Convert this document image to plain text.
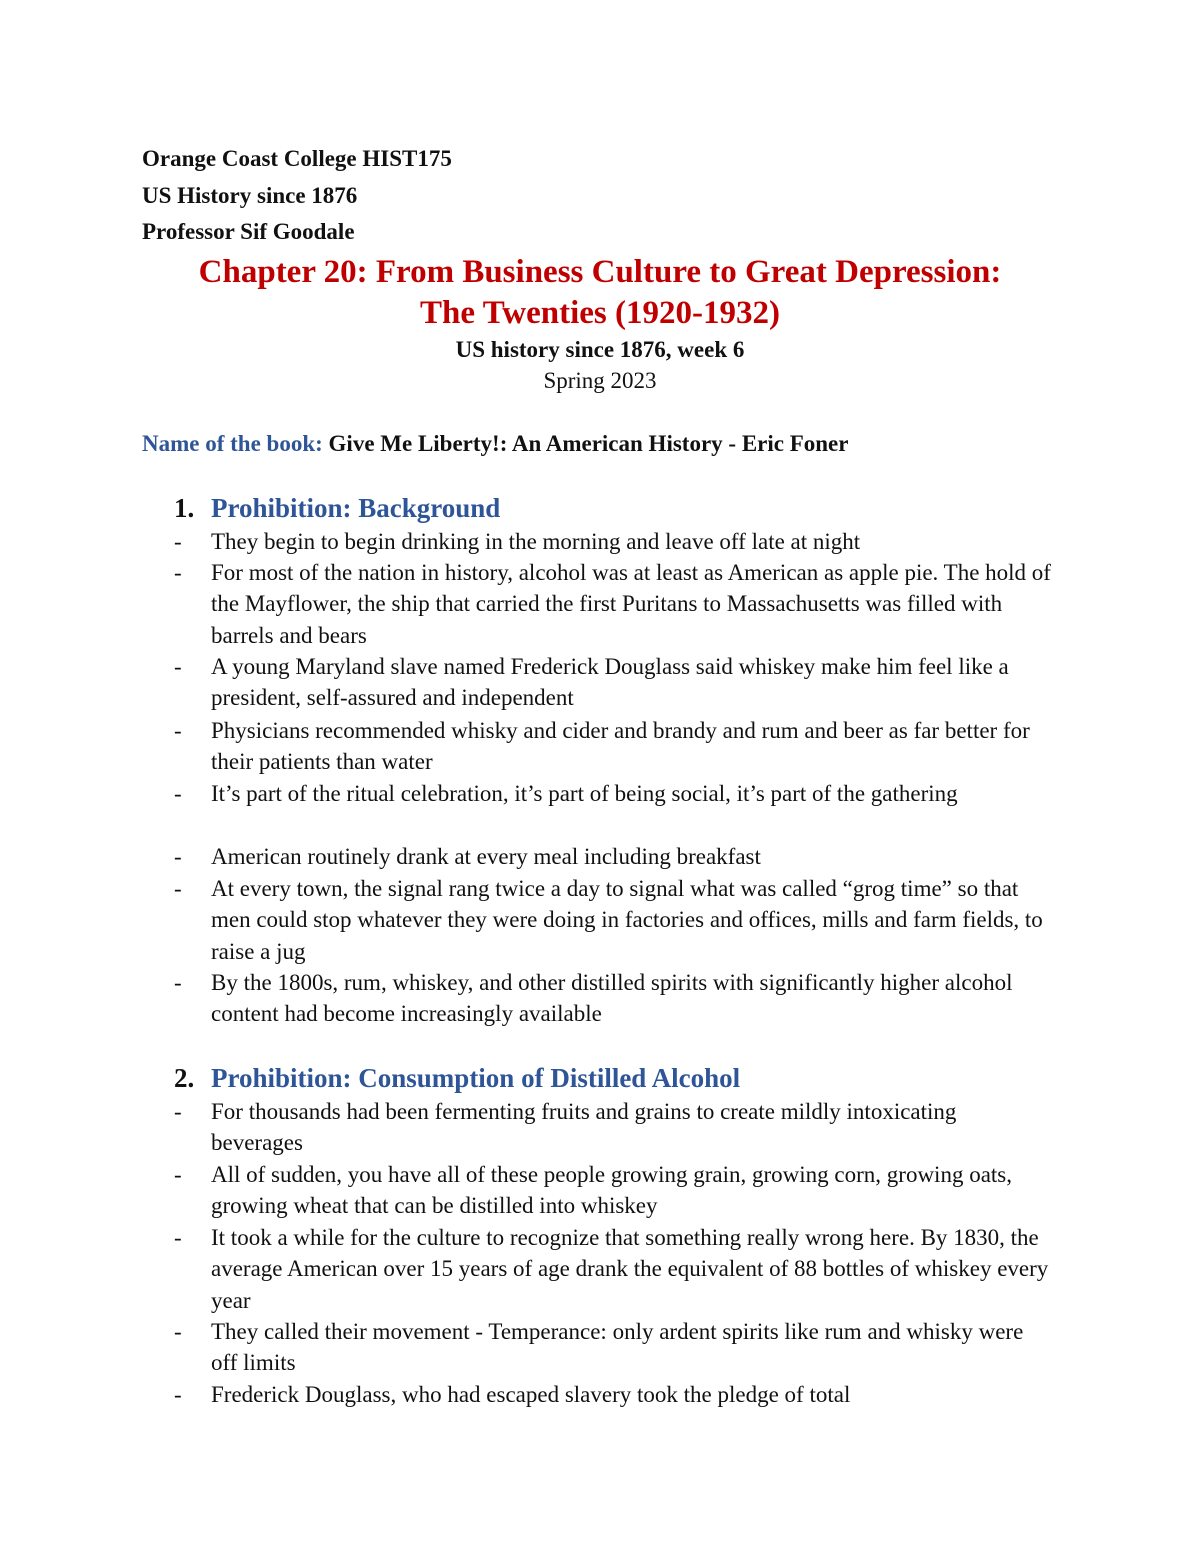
Orange Coast College HIST175
US History since 1876
Professor Sif Goodale
Chapter 20: From Business Culture to Great Depression:
The Twenties (1920-1932)
US history since 1876, week 6
Spring 2023
Name of the book: Give Me Liberty!: An American History - Eric Foner
1. Prohibition: Background
- They begin to begin drinking in the morning and leave off late at night
- For most of the nation in history, alcohol was at least as American as apple pie. The hold of the Mayflower, the ship that carried the first Puritans to Massachusetts was filled with barrels and bears
- A young Maryland slave named Frederick Douglass said whiskey make him feel like a president, self-assured and independent
- Physicians recommended whisky and cider and brandy and rum and beer as far better for their patients than water
- It’s part of the ritual celebration, it’s part of being social, it’s part of the gathering
- American routinely drank at every meal including breakfast
- At every town, the signal rang twice a day to signal what was called “grog time” so that men could stop whatever they were doing in factories and offices, mills and farm fields, to raise a jug
- By the 1800s, rum, whiskey, and other distilled spirits with significantly higher alcohol content had become increasingly available
2. Prohibition: Consumption of Distilled Alcohol
- For thousands had been fermenting fruits and grains to create mildly intoxicating beverages
- All of sudden, you have all of these people growing grain, growing corn, growing oats, growing wheat that can be distilled into whiskey
- It took a while for the culture to recognize that something really wrong here. By 1830, the average American over 15 years of age drank the equivalent of 88 bottles of whiskey every year
- They called their movement - Temperance: only ardent spirits like rum and whisky were off limits
- Frederick Douglass, who had escaped slavery took the pledge of total
